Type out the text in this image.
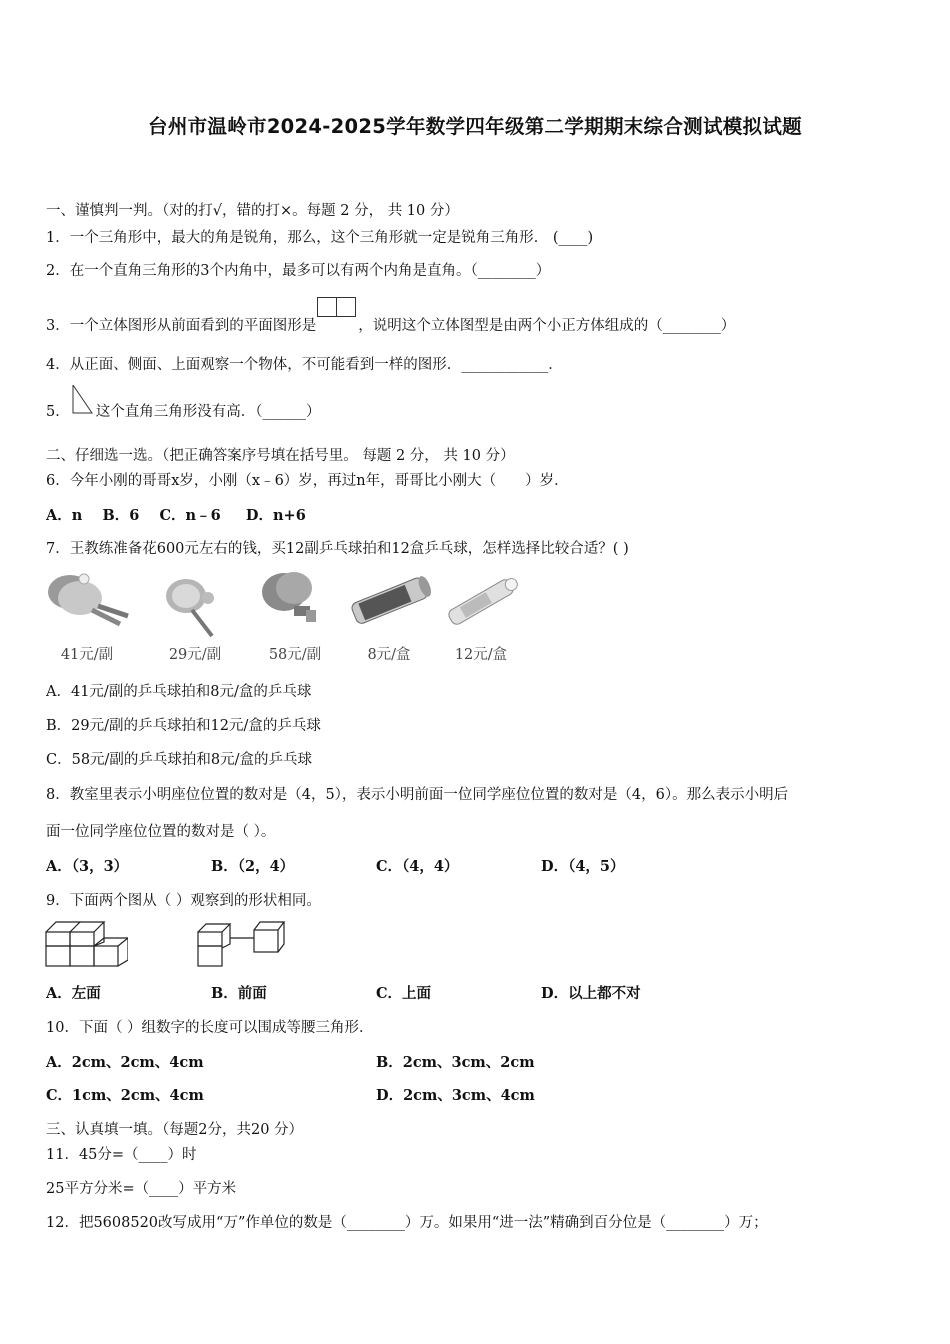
台州市温岭市2024-2025学年数学四年级第二学期期末综合测试模拟试题
一、谨慎判一判。（对的打√，错的打×。每题 2 分， 共 10 分）
1．一个三角形中，最大的角是锐角，那么，这个三角形就一定是锐角三角形． (____)
2．在一个直角三角形的3个内角中，最多可以有两个内角是直角。（________）
3．一个立体图形从前面看到的平面图形是	，说明这个立体图型是由两个小正方体组成的（________）
4．从正面、侧面、上面观察一个物体，不可能看到一样的图形．____________．
5． 这个直角三角形没有高．（______）
二、仔细选一选。（把正确答案序号填在括号里。 每题 2 分， 共 10 分）
6．今年小刚的哥哥x岁，小刚（x﹣6）岁，再过n年，哥哥比小刚大（　　）岁．
A．n    B．6    C．n﹣6     D．n+6
7．王教练准备花600元左右的钱，买12副乒乓球拍和12盒乒乓球，怎样选择比较合适？( )
41元/副	29元/副	58元/副	8元/盒	12元/盒
A．41元/副的乒乓球拍和8元/盒的乒乓球
B．29元/副的乒乓球拍和12元/盒的乒乓球
C．58元/副的乒乓球拍和8元/盒的乒乓球
8．教室里表示小明座位位置的数对是（4，5），表示小明前面一位同学座位位置的数对是（4，6）。那么表示小明后
面一位同学座位位置的数对是（ ）。
A．（3，3）	B．（2，4）	C．（4，4）	D．（4，5）
9．下面两个图从（ ）观察到的形状相同。
A．左面	B．前面	C．上面	D．以上都不对
10．下面（ ）组数字的长度可以围成等腰三角形．
A．2cm、2cm、4cm	B．2cm、3cm、2cm
C．1cm、2cm、4cm	D．2cm、3cm、4cm
三、认真填一填。（每题2分，共20 分）
11．45分=（____）时
25平方分米=（____）平方米
12．把5608520改写成用“万”作单位的数是（________）万。如果用“进一法”精确到百分位是（________）万；
